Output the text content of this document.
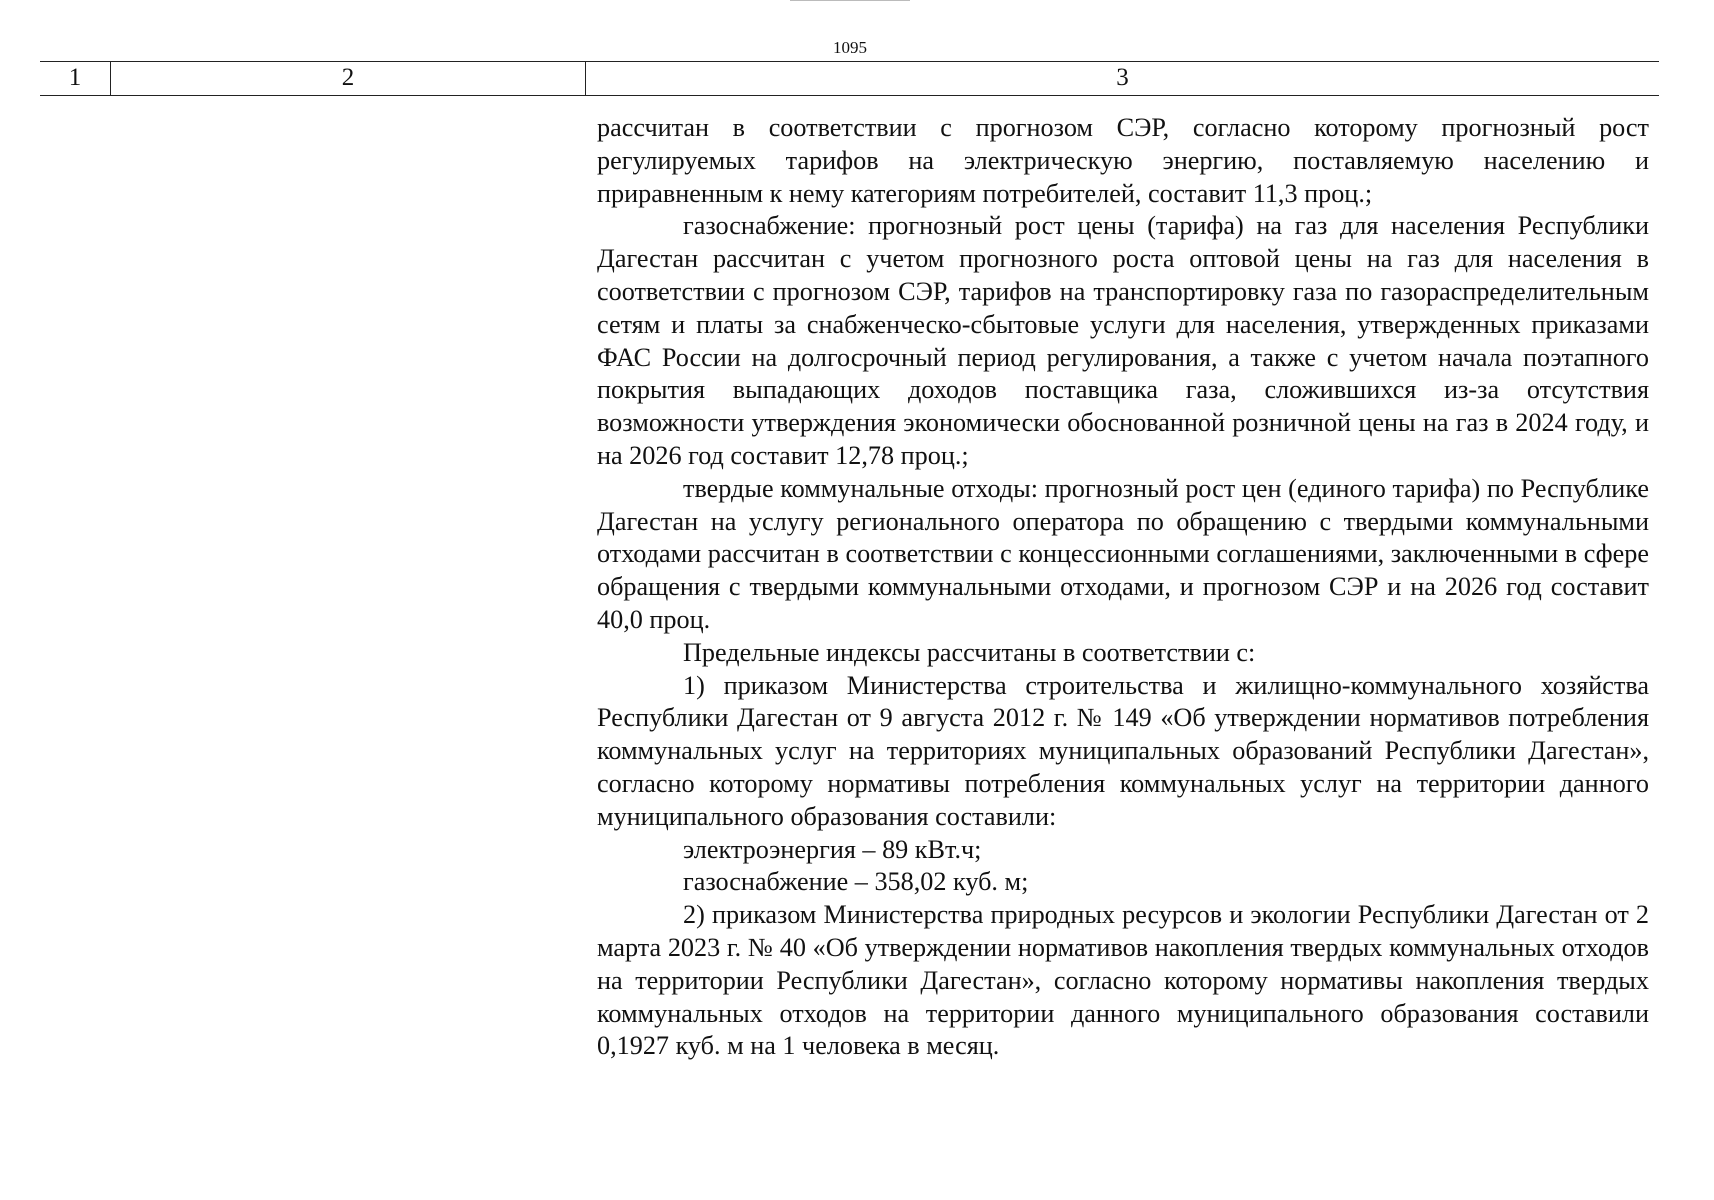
1095
1	2	3

рассчитан в соответствии с прогнозом СЭР, согласно которому прогнозный рост регулируемых тарифов на электрическую энергию, поставляемую населению и приравненным к нему категориям потребителей, составит 11,3 проц.;

газоснабжение: прогнозный рост цены (тарифа) на газ для населения Республики Дагестан рассчитан с учетом прогнозного роста оптовой цены на газ для населения в соответствии с прогнозом СЭР, тарифов на транспортировку газа по газораспределительным сетям и платы за снабженческо-сбытовые услуги для населения, утвержденных приказами ФАС России на долгосрочный период регулирования, а также с учетом начала поэтапного покрытия выпадающих доходов поставщика газа, сложившихся из-за отсутствия возможности утверждения экономически обоснованной розничной цены на газ в 2024 году, и на 2026 год составит 12,78 проц.;

твердые коммунальные отходы: прогнозный рост цен (единого тарифа) по Республике Дагестан на услугу регионального оператора по обращению с твердыми коммунальными отходами рассчитан в соответствии с концессионными соглашениями, заключенными в сфере обращения с твердыми коммунальными отходами, и прогнозом СЭР и на 2026 год составит 40,0 проц.

Предельные индексы рассчитаны в соответствии с:

1) приказом Министерства строительства и жилищно-коммунального хозяйства Республики Дагестан от 9 августа 2012 г. № 149 «Об утверждении нормативов потребления коммунальных услуг на территориях муниципальных образований Республики Дагестан», согласно которому нормативы потребления коммунальных услуг на территории данного муниципального образования составили:

электроэнергия – 89 кВт.ч;

газоснабжение – 358,02 куб. м;

2) приказом Министерства природных ресурсов и экологии Республики Дагестан от 2 марта 2023 г. № 40 «Об утверждении нормативов накопления твердых коммунальных отходов на территории Республики Дагестан», согласно которому нормативы накопления твердых коммунальных отходов на территории данного муниципального образования составили 0,1927 куб. м на 1 человека в месяц.
